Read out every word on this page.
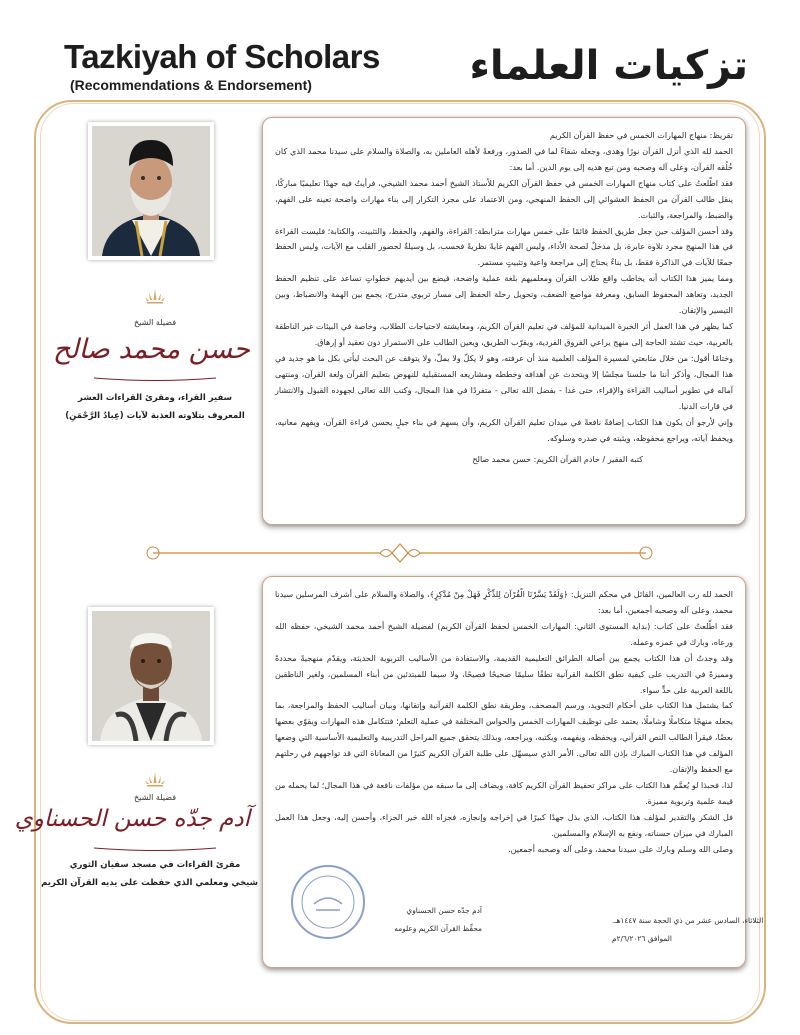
Tazkiyah of Scholars
(Recommendations & Endorsement)	تزكيات العلماء
فضيلة الشيخ
حسن محمد صالح
سفير القراء، ومقرئ القراءات العشر
المعروف بتلاوته العذبة لآيات (عِبادُ الرَّحْمَنِ)

تقريظ: منهاج المهارات الخمس في حفظ القرآن الكريم

الحمد لله الذي أنزل القرآن نورًا وهدى، وجعله شفاءً لما في الصدور، ورفعةً لأهله العاملين به، والصلاة والسلام على سيدنا محمد الذي كان خُلُقه القرآن، وعلى آله وصحبه ومن تبع هديه إلى يوم الدين. أما بعد:

فقد اطّلعتُ على كتاب منهاج المهارات الخمس في حفظ القرآن الكريم للأستاذ الشيخ أحمد محمد الشيخي، فرأيتُ فيه جهدًا تعليميًا مباركًا، ينقل طالب القرآن من الحفظ العشوائي إلى الحفظ المنهجي، ومن الاعتماد على مجرد التكرار إلى بناء مهارات واضحة تعينه على الفهم، والضبط، والمراجعة، والثبات.

وقد أحسن المؤلف حين جعل طريق الحفظ قائمًا على خمس مهارات مترابطة: القراءة، والفهم، والحفظ، والتثبيت، والكتابة؛ فليست القراءة في هذا المنهج مجرد تلاوة عابرة، بل مدخلٌ لصحة الأداء، وليس الفهم غايةً نظريةً فحسب، بل وسيلةٌ لحضور القلب مع الآيات، وليس الحفظ جمعًا للآيات في الذاكرة فقط، بل بناءٌ يحتاج إلى مراجعة واعية وتثبيتٍ مستمر.

ومما يميز هذا الكتاب أنه يخاطب واقع طلاب القرآن ومعلميهم بلغة عملية واضحة، فيضع بين أيديهم خطواتٍ تساعد على تنظيم الحفظ الجديد، وتعاهد المحفوظ السابق، ومعرفة مواضع الضعف، وتحويل رحلة الحفظ إلى مسار تربوي متدرج، يجمع بين الهمة والانضباط، وبين التيسير والإتقان.

كما يظهر في هذا العمل أثر الخبرة الميدانية للمؤلف في تعليم القرآن الكريم، ومعايشته لاحتياجات الطلاب، وخاصة في البيئات غير الناطقة بالعربية، حيث تشتد الحاجة إلى منهج يراعي الفروق الفردية، ويقرّب الطريق، ويعين الطالب على الاستمرار دون تعقيد أو إرهاق.

وختامًا أقول: من خلال متابعتي لمسيرة المؤلف العلمية منذ أن عرفته، وهو لا يكلّ ولا يملّ، ولا يتوقف عن البحث ليأتي بكل ما هو جديد في هذا المجال، وأذكر أننا ما جلسنا مجلسًا إلا ويتحدث عن أهدافه وخططه ومشاريعه المستقبلية للنهوض بتعليم القرآن ولغة القرآن، ومنتهى آماله في تطوير أساليب القراءة والإقراء، حتى غدا - بفضل الله تعالى - متفردًا في هذا المجال، وكتب الله تعالى لجهوده القبول والانتشار في قارات الدنيا.

وإني لأرجو أن يكون هذا الكتاب إضافةً نافعةً في ميدان تعليم القرآن الكريم، وأن يسهم في بناء جيلٍ يحسن قراءة القرآن، ويفهم معانيه، ويحفظ آياته، ويراجع محفوظه، ويثبته في صدره وسلوكه.

كتبه الفقير / خادم القرآن الكريم: حسن محمد صالح

فضيلة الشيخ
آدم جدّه حسن الحسناوي
مقرئ القراءات في مسجد سفيان الثوري
شيخي ومعلمي الذي حفظت على يديه القرآن الكريم

الحمد لله رب العالمين، القائل في محكم التنزيل: ﴿وَلَقَدْ يَسَّرْنَا الْقُرْآنَ لِلذِّكْرِ فَهَلْ مِنْ مُدَّكِرٍ﴾، والصلاة والسلام على أشرف المرسلين سيدنا محمد، وعلى آله وصحبه أجمعين، أما بعد:

فقد اطّلعتُ على كتاب: (بداية المستوى الثاني: المهارات الخمس لحفظ القرآن الكريم) لفضيلة الشيخ أحمد محمد الشيخي، حفظه الله ورعاه، وبارك في عمره وعمله.

وقد وجدتُ أن هذا الكتاب يجمع بين أصالة الطرائق التعليمية القديمة، والاستفادة من الأساليب التربوية الحديثة، ويقدّم منهجيةً محددةً ومميزةً في التدريب على كيفية نطق الكلمة القرآنية نطقًا سليمًا صحيحًا فصيحًا، ولا سيما للمبتدئين من أبناء المسلمين، ولغير الناطقين باللغة العربية على حدٍّ سواء.

كما يشتمل هذا الكتاب على أحكام التجويد، ورسم المصحف، وطريقة نطق الكلمة القرآنية وإتقانها، وبيان أساليب الحفظ والمراجعة، بما يجعله منهجًا متكاملًا وشاملًا، يعتمد على توظيف المهارات الخمس والحواس المختلفة في عملية التعلم؛ فتتكامل هذه المهارات ويقوّي بعضها بعضًا، فيقرأ الطالب النص القرآني، ويحفظه، ويفهمه، ويكتبه، ويراجعه، وبذلك يتحقق جميع المراحل التدريبية والتعليمية الأساسية التي وضعها المؤلف في هذا الكتاب المبارك بإذن الله تعالى. الأمر الذي سيسهّل على طلبة القرآن الكريم كثيرًا من المعاناة التي قد تواجههم في رحلتهم مع الحفظ والإتقان.

لذا، فحبذا لو يُعمَّم هذا الكتاب على مراكز تحفيظ القرآن الكريم كافة، ويضاف إلى ما سبقه من مؤلفات نافعة في هذا المجال؛ لما يحمله من قيمة علمية وتربوية مميزة.

فل الشكر والتقدير لمؤلف هذا الكتاب، الذي بذل جهدًا كبيرًا في إخراجه وإنجازه، فجزاه الله خير الجزاء، وأحسن إليه، وجعل هذا العمل المبارك في ميزان حسناته، ونفع به الإسلام والمسلمين.

وصلى الله وسلم وبارك على سيدنا محمد، وعلى آله وصحبه أجمعين.

آدم جدّه حسن الحسناوي
محفِّظ القرآن الكريم وعلومه
الثلاثاء، السادس عشر من ذي الحجة سنة ١٤٤٧هـ.
الموافق ٢/٦/٢٠٢٦م
